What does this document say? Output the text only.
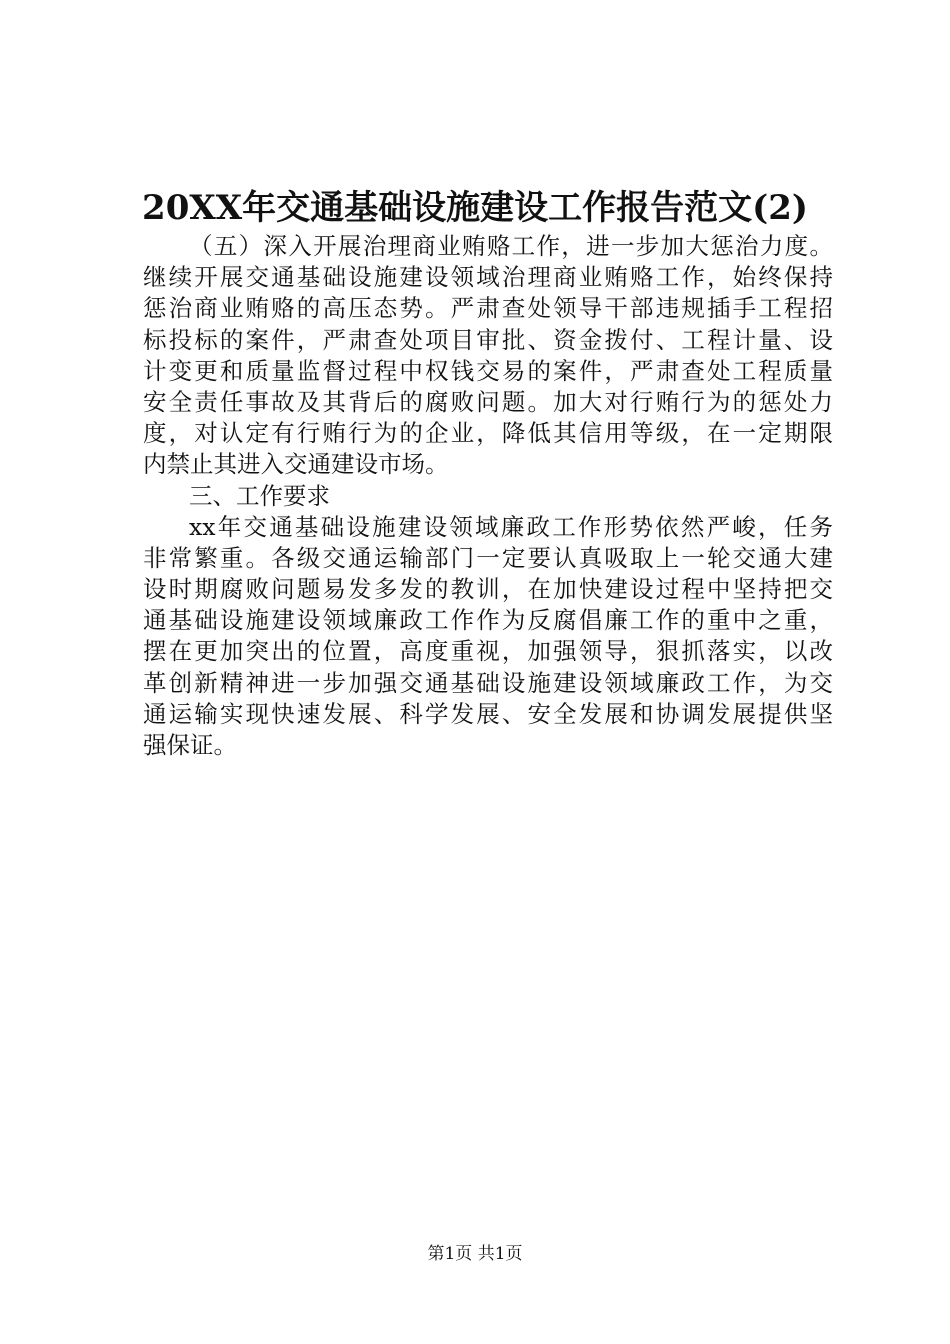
20XX年交通基础设施建设工作报告范文(2)
（五）深入开展治理商业贿赂工作，进一步加大惩治力度。
继续开展交通基础设施建设领域治理商业贿赂工作，始终保持
惩治商业贿赂的高压态势。严肃查处领导干部违规插手工程招
标投标的案件，严肃查处项目审批、资金拨付、工程计量、设
计变更和质量监督过程中权钱交易的案件，严肃查处工程质量
安全责任事故及其背后的腐败问题。加大对行贿行为的惩处力
度，对认定有行贿行为的企业，降低其信用等级，在一定期限
内禁止其进入交通建设市场。
三、工作要求
xx年交通基础设施建设领域廉政工作形势依然严峻，任务
非常繁重。各级交通运输部门一定要认真吸取上一轮交通大建
设时期腐败问题易发多发的教训，在加快建设过程中坚持把交
通基础设施建设领域廉政工作作为反腐倡廉工作的重中之重，
摆在更加突出的位置，高度重视，加强领导，狠抓落实，以改
革创新精神进一步加强交通基础设施建设领域廉政工作，为交
通运输实现快速发展、科学发展、安全发展和协调发展提供坚
强保证。
第1页 共1页
